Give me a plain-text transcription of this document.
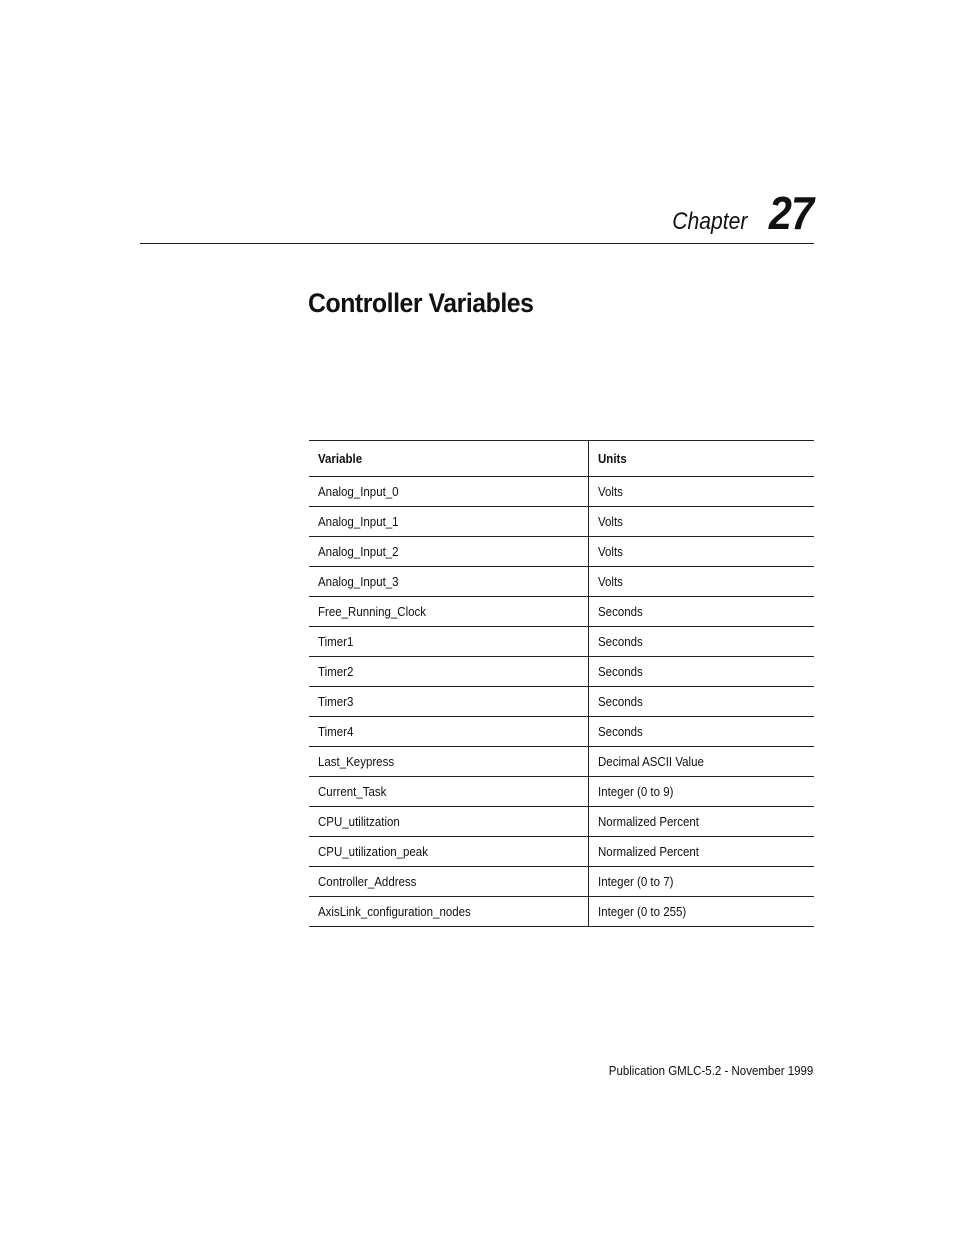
Chapter 27
Controller Variables
Variable	Units
Analog_Input_0	Volts
Analog_Input_1	Volts
Analog_Input_2	Volts
Analog_Input_3	Volts
Free_Running_Clock	Seconds
Timer1	Seconds
Timer2	Seconds
Timer3	Seconds
Timer4	Seconds
Last_Keypress	Decimal ASCII Value
Current_Task	Integer (0 to 9)
CPU_utilitzation	Normalized Percent
CPU_utilization_peak	Normalized Percent
Controller_Address	Integer (0 to 7)
AxisLink_configuration_nodes	Integer (0 to 255)
Publication GMLC-5.2 - November 1999
